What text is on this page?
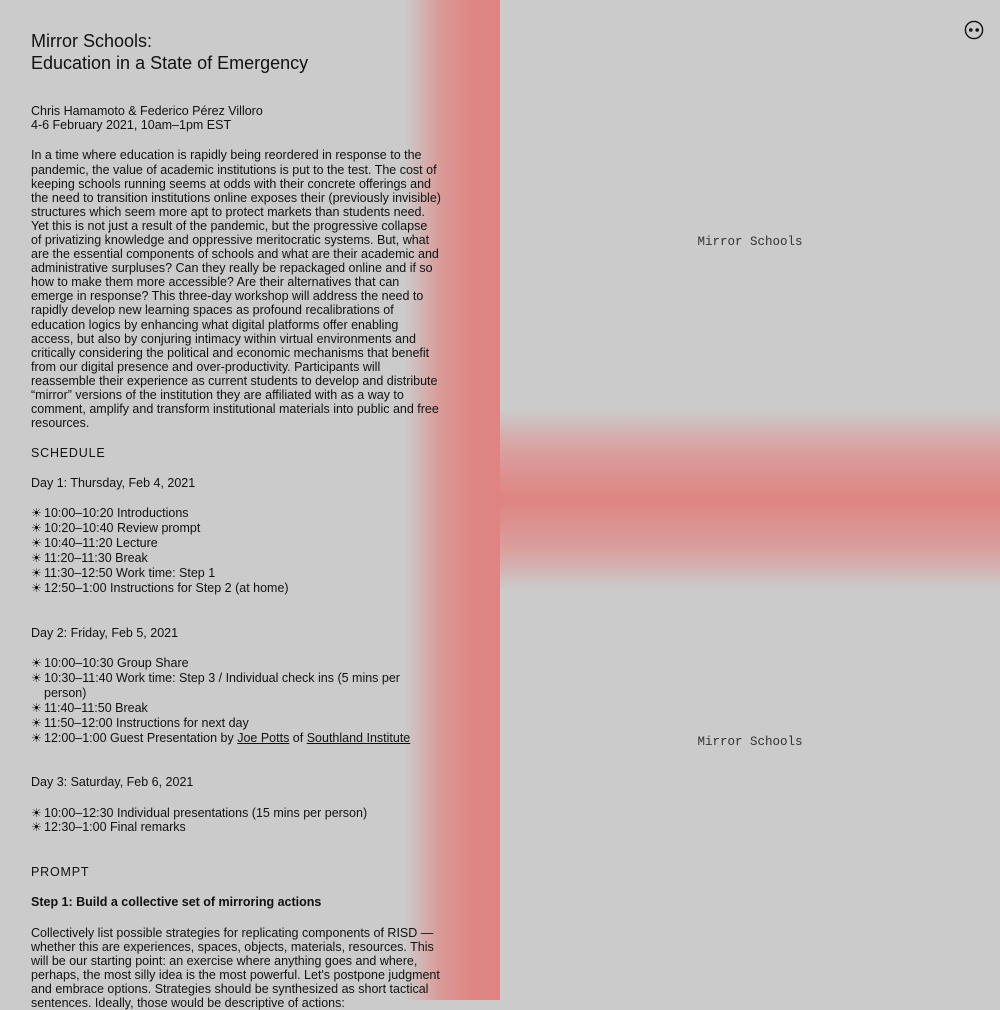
Mirror Schools:
Education in a State of Emergency
Chris Hamamoto & Federico Pérez Villoro
4-6 February 2021, 10am–1pm EST
In a time where education is rapidly being reordered in response to the pandemic, the value of academic institutions is put to the test. The cost of keeping schools running seems at odds with their concrete offerings and the need to transition institutions online exposes their (previously invisible) structures which seem more apt to protect markets than students need. Yet this is not just a result of the pandemic, but the progressive collapse of privatizing knowledge and oppressive meritocratic systems. But, what are the essential components of schools and what are their academic and administrative surpluses? Can they really be repackaged online and if so how to make them more accessible? Are their alternatives that can emerge in response? This three-day workshop will address the need to rapidly develop new learning spaces as profound recalibrations of education logics by enhancing what digital platforms offer enabling access, but also by conjuring intimacy within virtual environments and critically considering the political and economic mechanisms that benefit from our digital presence and over-productivity. Participants will reassemble their experience as current students to develop and distribute “mirror” versions of the institution they are affiliated with as a way to comment, amplify and transform institutional materials into public and free resources.
SCHEDULE
Day 1: Thursday, Feb 4, 2021
☀ 10:00–10:20 Introductions
☀ 10:20–10:40 Review prompt
☀ 10:40–11:20 Lecture
☀ 11:20–11:30 Break
☀ 11:30–12:50 Work time: Step 1
☀ 12:50–1:00 Instructions for Step 2 (at home)
Day 2: Friday, Feb 5, 2021
☀ 10:00–10:30 Group Share
☀ 10:30–11:40 Work time: Step 3 / Individual check ins (5 mins per person)
☀ 11:40–11:50 Break
☀ 11:50–12:00 Instructions for next day
☀ 12:00–1:00 Guest Presentation by Joe Potts of Southland Institute
Day 3: Saturday, Feb 6, 2021
☀ 10:00–12:30 Individual presentations (15 mins per person)
☀ 12:30–1:00 Final remarks
PROMPT
Step 1: Build a collective set of mirroring actions
Collectively list possible strategies for replicating components of RISD — whether this are experiences, spaces, objects, materials, resources. This will be our starting point: an exercise where anything goes and where, perhaps, the most silly idea is the most powerful. Let's postpone judgment and embrace options. Strategies should be synthesized as short tactical sentences. Ideally, those would be descriptive of actions:
Mirror Schools
Mirror Schools
